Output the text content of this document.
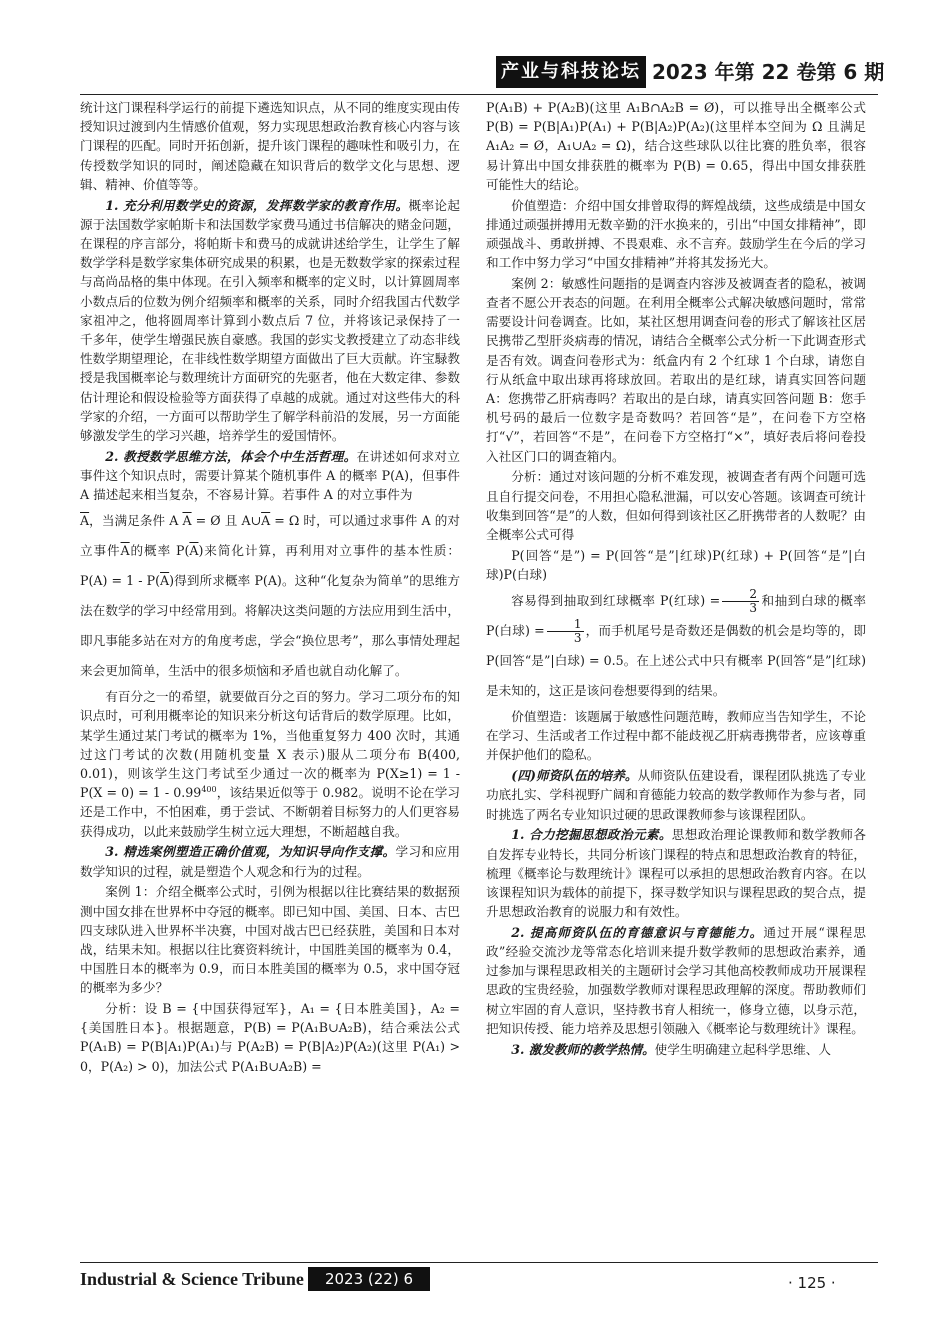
产业与科技论坛 2023 年第 22 卷第 6 期

统计这门课程科学运行的前提下遴选知识点，从不同的维度实现由传授知识过渡到内生情感价值观，努力实现思想政治教育核心内容与该门课程的匹配。同时开拓创新，提升该门课程的趣味性和吸引力，在传授数学知识的同时，阐述隐藏在知识背后的数学文化与思想、逻辑、精神、价值等等。

1. 充分利用数学史的资源，发挥数学家的教育作用。概率论起源于法国数学家帕斯卡和法国数学家费马通过书信解决的赌金问题，在课程的序言部分，将帕斯卡和费马的成就讲述给学生，让学生了解数学学科是数学家集体研究成果的积累，也是无数数学家的探索过程与高尚品格的集中体现。在引入频率和概率的定义时，以计算圆周率小数点后的位数为例介绍频率和概率的关系，同时介绍我国古代数学家祖冲之，他将圆周率计算到小数点后 7 位，并将该记录保持了一千多年，使学生增强民族自豪感。我国的彭实戈教授建立了动态非线性数学期望理论，在非线性数学期望方面做出了巨大贡献。许宝騄教授是我国概率论与数理统计方面研究的先驱者，他在大数定律、参数估计理论和假设检验等方面获得了卓越的成就。通过对这些伟大的科学家的介绍，一方面可以帮助学生了解学科前沿的发展，另一方面能够激发学生的学习兴趣，培养学生的爱国情怀。

2. 教授数学思维方法，体会个中生活哲理。在讲述如何求对立事件这个知识点时，需要计算某个随机事件 A 的概率 P(A)，但事件 A 描述起来相当复杂，不容易计算。若事件 A 的对立事件为

$\overline{A}$，当满足条件 A $\overline{A}$ = Ø 且 $A\cup\overline{A} = \Omega$ 时，可以通过求事件 A 的对立事件$\overline{A}$的概率 $P(\overline{A})$来简化计算，再利用对立事件的基本性质：$P(A) = 1 - P(\overline{A})$得到所求概率 P(A)。这种“化复杂为简单”的思维方法在数学的学习中经常用到。将解决这类问题的方法应用到生活中，即凡事能多站在对方的角度考虑，学会“换位思考”，那么事情处理起来会更加简单，生活中的很多烦恼和矛盾也就自动化解了。

有百分之一的希望，就要做百分之百的努力。学习二项分布的知识点时，可利用概率论的知识来分析这句话背后的数学原理。比如，某学生通过某门考试的概率为 1%，当他重复努力 400 次时，其通过这门考试的次数(用随机变量 X 表示)服从二项分布 B(400, 0.01)，则该学生这门考试至少通过一次的概率为 P(X≥1) = 1 - P(X = 0) = 1 - 0.99$^{400}$，该结果近似等于 0.982。说明不论在学习还是工作中，不怕困难，勇于尝试、不断朝着目标努力的人们更容易获得成功，以此来鼓励学生树立远大理想，不断超越自我。

3. 精选案例塑造正确价值观，为知识导向作支撑。学习和应用数学知识的过程，就是塑造个人观念和行为的过程。

案例 1：介绍全概率公式时，引例为根据以往比赛结果的数据预测中国女排在世界杯中夺冠的概率。即已知中国、美国、日本、古巴四支球队进入世界杯半决赛，中国对战古巴已经获胜，美国和日本对战，结果未知。根据以往比赛资料统计，中国胜美国的概率为 0.4，中国胜日本的概率为 0.9，而日本胜美国的概率为 0.5，求中国夺冠的概率为多少？

分析：设 B = {中国获得冠军}，A₁ = {日本胜美国}，A₂ = {美国胜日本}。根据题意，P(B) = P(A₁B∪A₂B)，结合乘法公式 P(A₁B) = P(B|A₁)P(A₁)与 P(A₂B) = P(B|A₂)P(A₂)(这里 P(A₁) > 0，P(A₂) > 0)，加法公式 P(A₁B∪A₂B) =

P(A₁B) + P(A₂B)(这里 A₁B∩A₂B = Ø)，可以推导出全概率公式 P(B) = P(B|A₁)P(A₁) + P(B|A₂)P(A₂)(这里样本空间为 Ω 且满足 A₁A₂ = Ø，A₁∪A₂ = Ω)，结合这些球队以往比赛的胜负率，很容易计算出中国女排获胜的概率为 P(B) = 0.65，得出中国女排获胜可能性大的结论。

价值塑造：介绍中国女排曾取得的辉煌战绩，这些成绩是中国女排通过顽强拼搏用无数辛勤的汗水换来的，引出“中国女排精神”，即顽强战斗、勇敢拼搏、不畏艰难、永不言弃。鼓励学生在今后的学习和工作中努力学习“中国女排精神”并将其发扬光大。

案例 2：敏感性问题指的是调查内容涉及被调查者的隐私，被调查者不愿公开表态的问题。在利用全概率公式解决敏感问题时，常常需要设计问卷调查。比如，某社区想用调查问卷的形式了解该社区居民携带乙型肝炎病毒的情况，请结合全概率公式分析一下此调查形式是否有效。调查问卷形式为：纸盒内有 2 个红球 1 个白球，请您自行从纸盒中取出球再将球放回。若取出的是红球，请真实回答问题 A：您携带乙肝病毒吗？若取出的是白球，请真实回答问题 B：您手机号码的最后一位数字是奇数吗？若回答“是”，在问卷下方空格打“√”，若回答“不是”，在问卷下方空格打“×”，填好表后将问卷投入社区门口的调查箱内。

分析：通过对该问题的分析不难发现，被调查者有两个问题可选且自行提交问卷，不用担心隐私泄漏，可以安心答题。该调查可统计收集到回答“是”的人数，但如何得到该社区乙肝携带者的人数呢？由全概率公式可得

P(回答“是”) = P(回答“是”|红球)P(红球) + P(回答“是”|白球)P(白球)

容易得到抽取到红球概率 P(红球) = $\frac{2}{3}$ 和抽到白球的概率 P(白球) = $\frac{1}{3}$ ，而手机尾号是奇数还是偶数的机会是均等的，即 P(回答“是”|白球) = 0.5。在上述公式中只有概率 P(回答“是”|红球)是未知的，这正是该问卷想要得到的结果。

价值塑造：该题属于敏感性问题范畴，教师应当告知学生，不论在学习、生活或者工作过程中都不能歧视乙肝病毒携带者，应该尊重并保护他们的隐私。

(四)师资队伍的培养。从师资队伍建设看，课程团队挑选了专业功底扎实、学科视野广阔和育德能力较高的数学教师作为参与者，同时挑选了两名专业知识过硬的思政课教师参与该课程团队。

1. 合力挖掘思想政治元素。思想政治理论课教师和数学教师各自发挥专业特长，共同分析该门课程的特点和思想政治教育的特征，梳理《概率论与数理统计》课程可以承担的思想政治教育内容。在以该课程知识为载体的前提下，探寻数学知识与课程思政的契合点，提升思想政治教育的说服力和有效性。

2. 提高师资队伍的育德意识与育德能力。通过开展“课程思政”经验交流沙龙等常态化培训来提升数学教师的思想政治素养，通过参加与课程思政相关的主题研讨会学习其他高校教师成功开展课程思政的宝贵经验，加强数学教师对课程思政理解的深度。帮助教师们树立牢固的育人意识，坚持教书育人相统一，修身立德，以身示范，把知识传授、能力培养及思想引领融入《概率论与数理统计》课程。

3. 激发教师的教学热情。使学生明确建立起科学思维、人

Industrial & Science Tribune	2023 (22) 6	· 125 ·
